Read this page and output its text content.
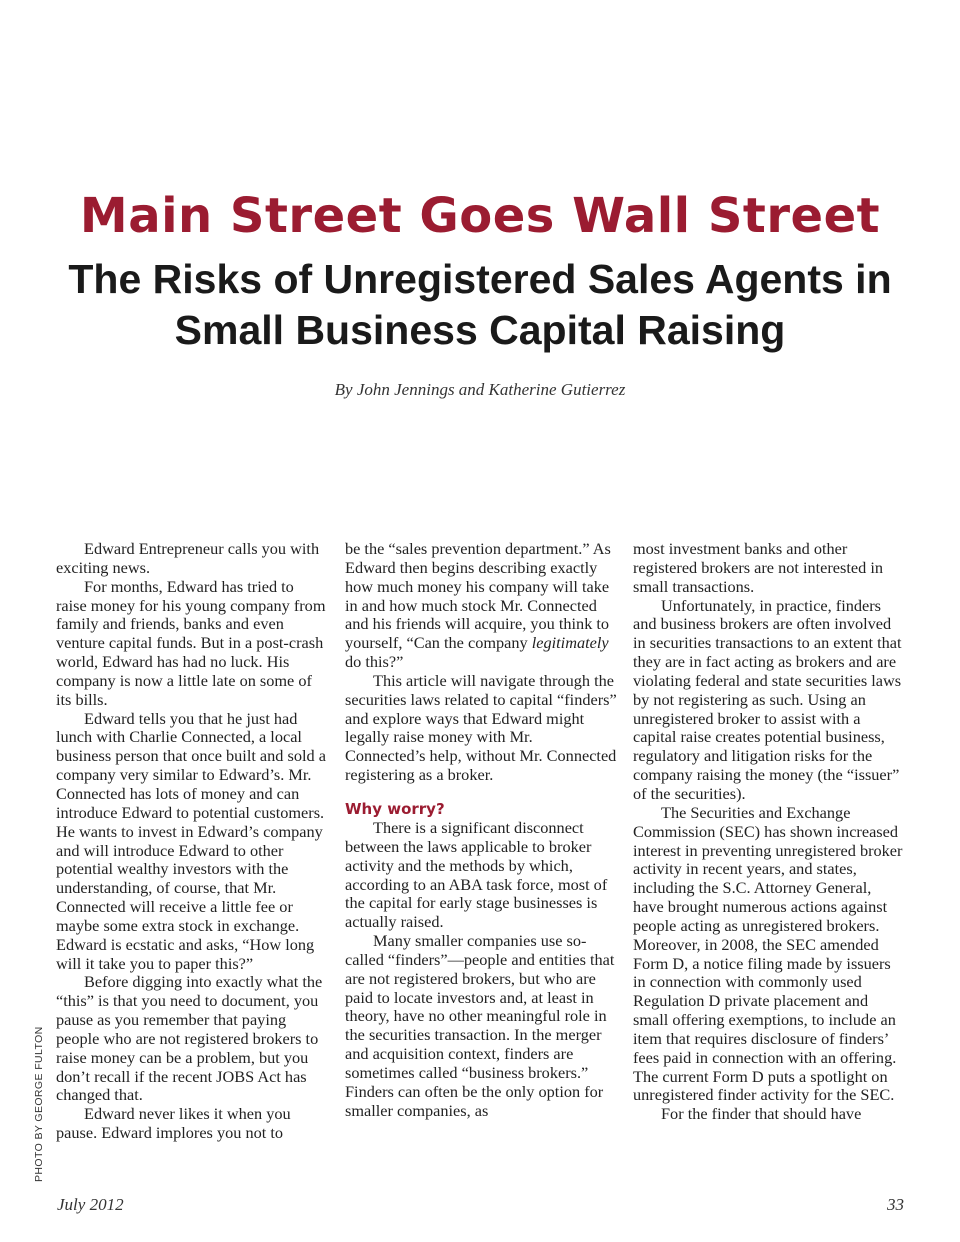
Main Street Goes Wall Street
The Risks of Unregistered Sales Agents in Small Business Capital Raising
By John Jennings and Katherine Gutierrez
PHOTO BY GEORGE FULTON

Edward Entrepreneur calls you with exciting news.

For months, Edward has tried to raise money for his young company from family and friends, banks and even venture capital funds. But in a post-crash world, Edward has had no luck. His company is now a little late on some of its bills.

Edward tells you that he just had lunch with Charlie Connected, a local business person that once built and sold a company very similar to Edward’s. Mr. Connected has lots of money and can introduce Edward to potential customers. He wants to invest in Edward’s company and will introduce Edward to other potential wealthy investors with the understanding, of course, that Mr. Connected will receive a little fee or maybe some extra stock in exchange. Edward is ecstatic and asks, “How long will it take you to paper this?”

Before digging into exactly what the “this” is that you need to document, you pause as you remember that paying people who are not registered brokers to raise money can be a problem, but you don’t recall if the recent JOBS Act has changed that.

Edward never likes it when you pause. Edward implores you not to

be the “sales prevention department.” As Edward then begins describing exactly how much money his company will take in and how much stock Mr. Connected and his friends will acquire, you think to yourself, “Can the company legitimately do this?”

This article will navigate through the securities laws related to capital “finders” and explore ways that Edward might legally raise money with Mr. Connected’s help, without Mr. Connected registering as a broker.

Why worry?

There is a significant disconnect between the laws applicable to broker activity and the methods by which, according to an ABA task force, most of the capital for early stage businesses is actually raised.

Many smaller companies use so-called “finders”—people and entities that are not registered brokers, but who are paid to locate investors and, at least in theory, have no other meaningful role in the securities transaction. In the merger and acquisition context, finders are sometimes called “business brokers.” Finders can often be the only option for smaller companies, as

most investment banks and other registered brokers are not interested in small transactions.

Unfortunately, in practice, finders and business brokers are often involved in securities transactions to an extent that they are in fact acting as brokers and are violating federal and state securities laws by not registering as such. Using an unregistered broker to assist with a capital raise creates potential business, regulatory and litigation risks for the company raising the money (the “issuer” of the securities).

The Securities and Exchange Commission (SEC) has shown increased interest in preventing unregistered broker activity in recent years, and states, including the S.C. Attorney General, have brought numerous actions against people acting as unregistered brokers. Moreover, in 2008, the SEC amended Form D, a notice filing made by issuers in connection with commonly used Regulation D private placement and small offering exemptions, to include an item that requires disclosure of finders’ fees paid in connection with an offering. The current Form D puts a spotlight on unregistered finder activity for the SEC.

For the finder that should have

July 2012	33
